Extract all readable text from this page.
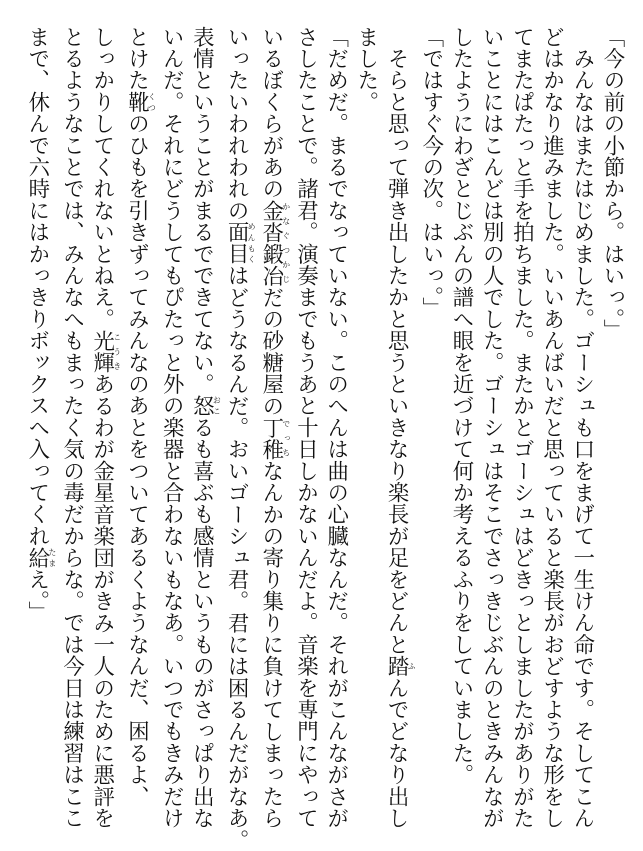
「今の前の小節から。はいっ。」

　みんなはまたはじめました。ゴーシュも口をまげて一生けん命です。そしてこん

どはかなり進みました。いいあんばいだと思っていると楽長がおどすような形をし

てまたぱたっと手を拍ちました。またかとゴーシュはどきっとしましたがありがた

いことにはこんどは別の人でした。ゴーシュはそこでさっきじぶんのときみんなが

したようにわざとじぶんの譜へ眼を近づけて何か考えるふりをしていました。

「ではすぐ今の次。はいっ。」

　そらと思って弾き出したかと思うといきなり楽長が足をどんと踏ふんでどなり出し

ました。

「だめだ。まるでなっていない。このへんは曲の心臓なんだ。それがこんながさが

さしたことで。諸君。演奏までもうあと十日しかないんだよ。音楽を専門にやって

いるぼくらがあの金沓鍛冶かなぐつかじだの砂糖屋の丁稚でっちなんかの寄り集りに負けてしまったら

いったいわれわれの面目めんもくはどうなるんだ。おいゴーシュ君。君には困るんだがなあ。

表情ということがまるでできてない。怒おこるも喜ぶも感情というものがさっぱり出な

いんだ。それにどうしてもぴたっと外の楽器と合わないもなあ。いつでもきみだけ

とけた靴くつのひもを引きずってみんなのあとをついてあるくようなんだ、困るよ、

しっかりしてくれないとねえ。光輝こうきあるわが金星音楽団がきみ一人のために悪評を

とるようなことでは、みんなへもまったく気の毒だからな。では今日は練習はここ

まで、休んで六時にはかっきりボックスへ入ってくれ給たまえ。」
